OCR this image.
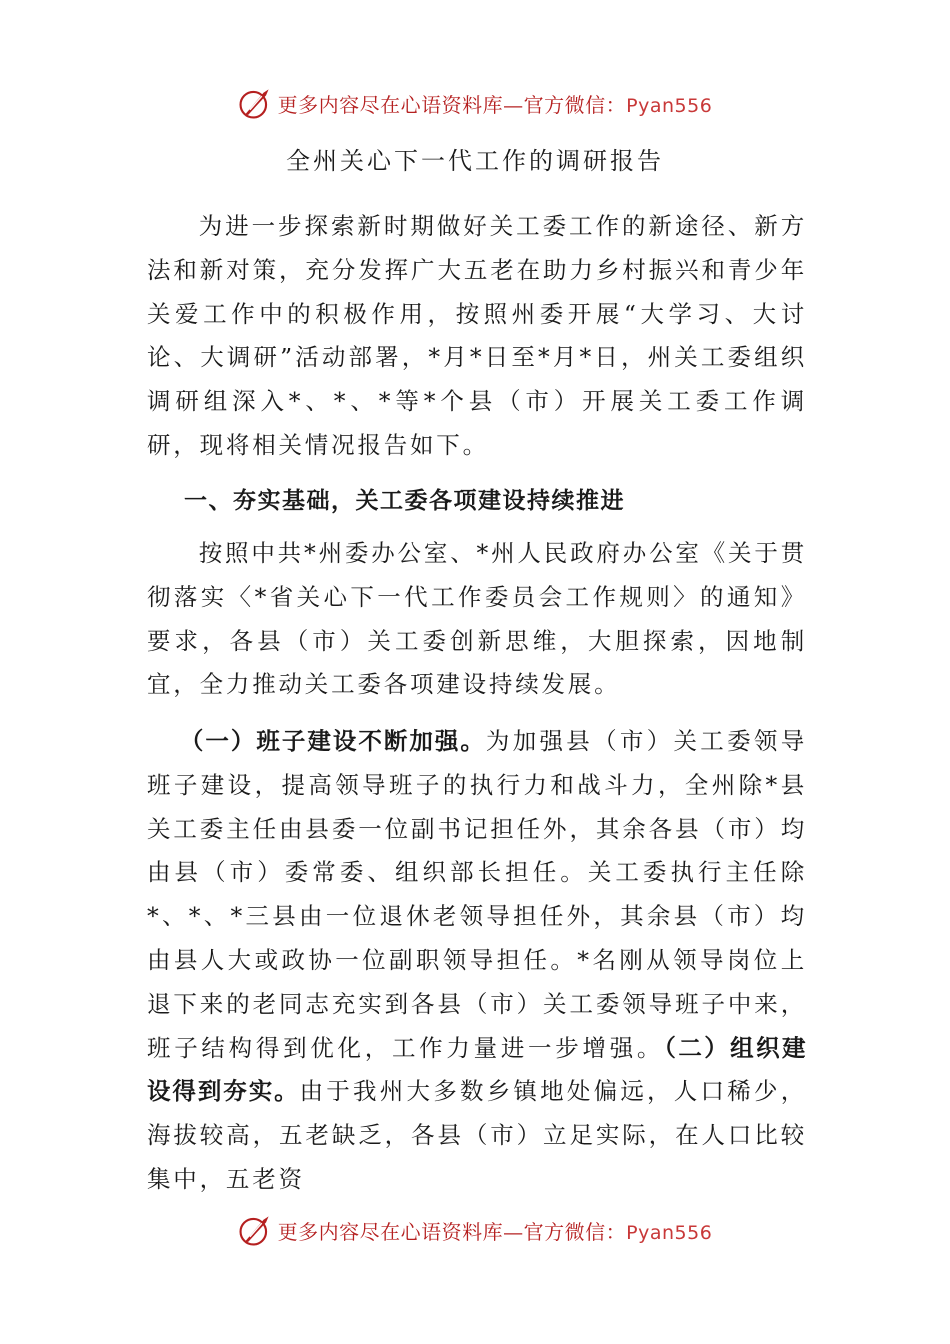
更多内容尽在心语资料库—官方微信：Pyan556
全州关心下一代工作的调研报告

为进一步探索新时期做好关工委工作的新途径、新方法和新对策，充分发挥广大五老在助力乡村振兴和青少年关爱工作中的积极作用，按照州委开展“大学习、大讨论、大调研”活动部署，*月*日至*月*日，州关工委组织调研组深入*、*、*等*个县（市）开展关工委工作调研，现将相关情况报告如下。

一、夯实基础，关工委各项建设持续推进

按照中共*州委办公室、*州人民政府办公室《关于贯彻落实〈*省关心下一代工作委员会工作规则〉的通知》要求，各县（市）关工委创新思维，大胆探索，因地制宜，全力推动关工委各项建设持续发展。

（一）班子建设不断加强。为加强县（市）关工委领导班子建设，提高领导班子的执行力和战斗力，全州除*县关工委主任由县委一位副书记担任外，其余各县（市）均由县（市）委常委、组织部长担任。关工委执行主任除*、*、*三县由一位退休老领导担任外，其余县（市）均由县人大或政协一位副职领导担任。*名刚从领导岗位上退下来的老同志充实到各县（市）关工委领导班子中来，班子结构得到优化，工作力量进一步增强。（二）组织建设得到夯实。由于我州大多数乡镇地处偏远，人口稀少，海拔较高，五老缺乏，各县（市）立足实际，在人口比较集中，五老资

更多内容尽在心语资料库—官方微信：Pyan556
